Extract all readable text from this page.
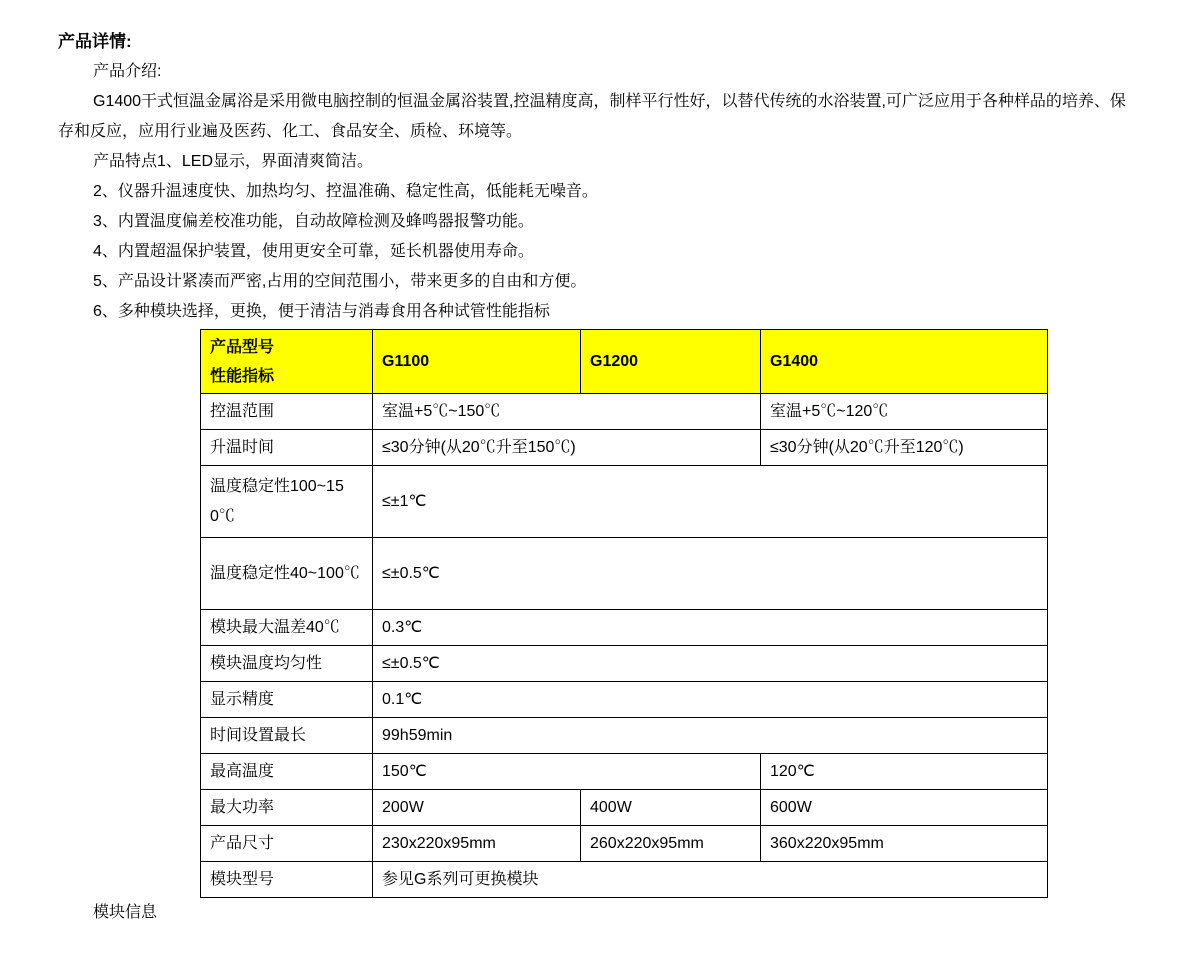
产品详情:

产品介绍:

G1400干式恒温金属浴是采用微电脑控制的恒温金属浴装置,控温精度高，制样平行性好，以替代传统的水浴装置,可广泛应用于各种样品的培养、保存和反应，应用行业遍及医药、化工、食品安全、质检、环境等。

产品特点1、LED显示，界面清爽简洁。

2、仪器升温速度快、加热均匀、控温准确、稳定性高，低能耗无噪音。

3、内置温度偏差校准功能，自动故障检测及蜂鸣器报警功能。

4、内置超温保护装置，使用更安全可靠，延长机器使用寿命。

5、产品设计紧凑而严密,占用的空间范围小，带来更多的自由和方便。

6、多种模块选择，更换，便于清洁与消毒食用各种试管性能指标

产品型号
性能指标	G1100	G1200	G1400
控温范围	室温+5℃~150℃		室温+5℃~120℃
升温时间	≤30分钟(从20℃升至150℃)		≤30分钟(从20℃升至120℃)
温度稳定性100~150℃	≤±1℃		
温度稳定性40~100℃	≤±0.5℃		
模块最大温差40℃	0.3℃		
模块温度均匀性	≤±0.5℃		
显示精度	0.1℃		
时间设置最长	99h59min		
最高温度	150℃		120℃
最大功率	200W	400W	600W
产品尺寸	230x220x95mm	260x220x95mm	360x220x95mm
模块型号	参见G系列可更换模块		

模块信息
